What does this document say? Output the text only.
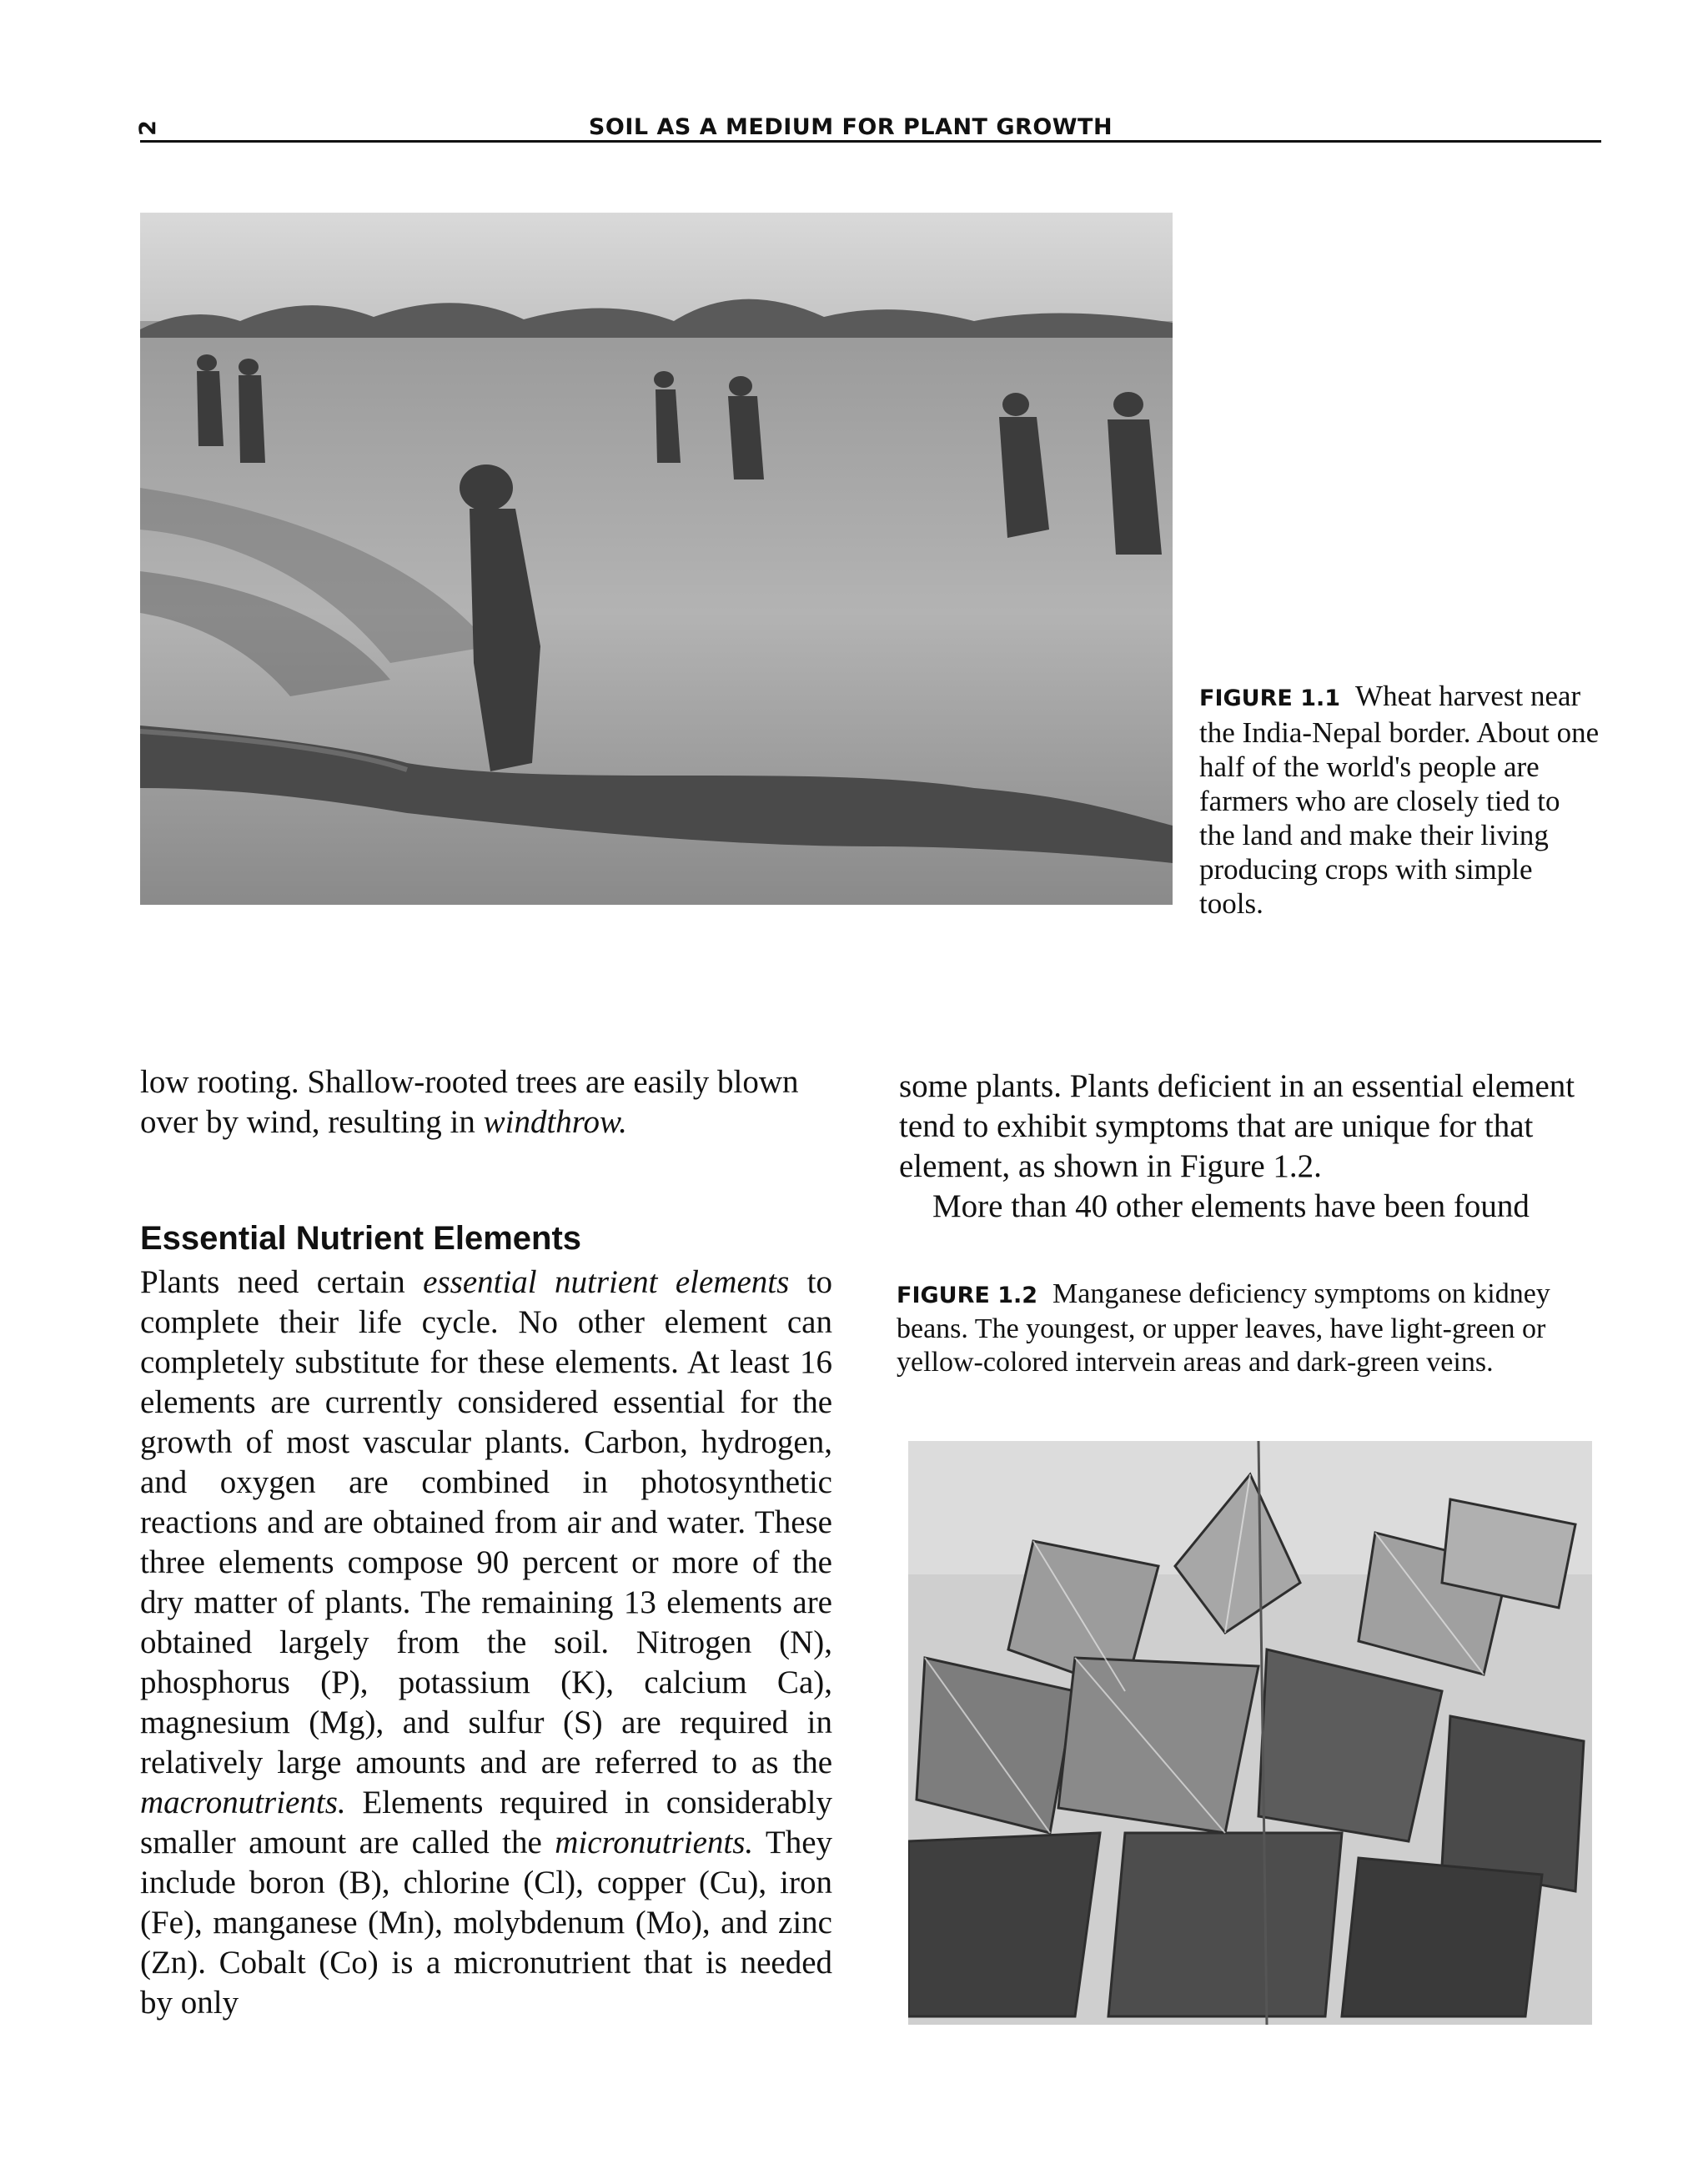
2	SOIL AS A MEDIUM FOR PLANT GROWTH
FIGURE 1.1 Wheat harvest near the India-Nepal border. About one half of the world's people are farmers who are closely tied to the land and make their living producing crops with simple tools.

low rooting. Shallow-rooted trees are easily blown over by wind, resulting in windthrow.

Essential Nutrient Elements

Plants need certain essential nutrient elements to complete their life cycle. No other element can completely substitute for these elements. At least 16 elements are currently considered essential for the growth of most vascular plants. Carbon, hydrogen, and oxygen are combined in photosynthetic reactions and are obtained from air and water. These three elements compose 90 percent or more of the dry matter of plants. The remaining 13 elements are obtained largely from the soil. Nitrogen (N), phosphorus (P), potassium (K), calcium Ca), magnesium (Mg), and sulfur (S) are required in relatively large amounts and are referred to as the macronutrients. Elements required in considerably smaller amount are called the micronutrients. They include boron (B), chlorine (Cl), copper (Cu), iron (Fe), manganese (Mn), molybdenum (Mo), and zinc (Zn). Cobalt (Co) is a micronutrient that is needed by only

some plants. Plants deficient in an essential element tend to exhibit symptoms that are unique for that element, as shown in Figure 1.2.

More than 40 other elements have been found

FIGURE 1.2 Manganese deficiency symptoms on kidney beans. The youngest, or upper leaves, have light-green or yellow-colored intervein areas and dark-green veins.
